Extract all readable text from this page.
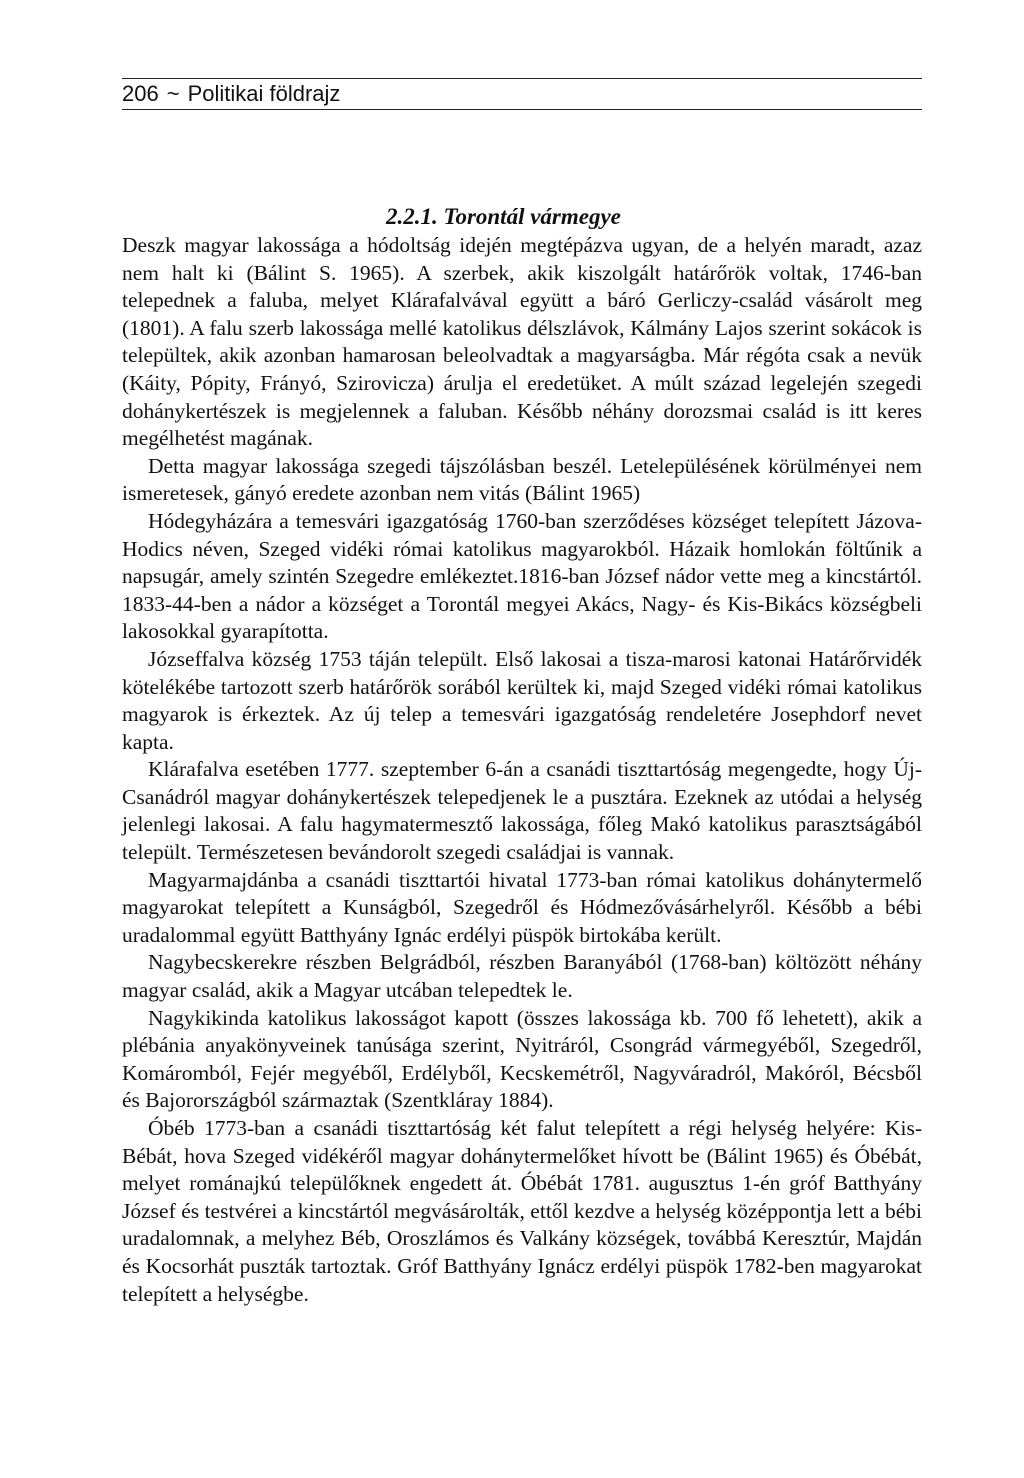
206 ~ Politikai földrajz
2.2.1. Torontál vármegye

Deszk magyar lakossága a hódoltság idején megtépázva ugyan, de a helyén maradt, azaz nem halt ki (Bálint S. 1965). A szerbek, akik kiszolgált határőrök voltak, 1746-ban telepednek a faluba, melyet Klárafalvával együtt a báró Gerliczy-család vásárolt meg (1801). A falu szerb lakossága mellé katolikus délszlávok, Kálmány Lajos szerint sokácok is települtek, akik azonban hamarosan beleolvadtak a magyarságba. Már régóta csak a nevük (Káity, Pópity, Frányó, Szirovicza) árulja el eredetüket. A múlt század legelején szegedi dohánykertészek is megjelennek a faluban. Később néhány dorozsmai család is itt keres megélhetést magának.

Detta magyar lakossága szegedi tájszólásban beszél. Letelepülésének körülményei nem ismeretesek, gányó eredete azonban nem vitás (Bálint 1965)

Hódegyházára a temesvári igazgatóság 1760-ban szerződéses községet telepített Jázova-Hodics néven, Szeged vidéki római katolikus magyarokból. Házaik homlokán föltűnik a napsugár, amely szintén Szegedre emlékeztet.1816-ban József nádor vette meg a kincstártól. 1833-44-ben a nádor a községet a Torontál megyei Akács, Nagy- és Kis-Bikács községbeli lakosokkal gyarapította.

Józseffalva község 1753 táján települt. Első lakosai a tisza-marosi katonai Határőrvidék kötelékébe tartozott szerb határőrök sorából kerültek ki, majd Szeged vidéki római katolikus magyarok is érkeztek. Az új telep a temesvári igazgatóság rendeletére Josephdorf nevet kapta.

Klárafalva esetében 1777. szeptember 6-án a csanádi tiszttartóság megengedte, hogy Új-Csanádról magyar dohánykertészek telepedjenek le a pusztára. Ezeknek az utódai a helység jelenlegi lakosai. A falu hagymatermesztő lakossága, főleg Makó katolikus parasztságából települt. Természetesen bevándorolt szegedi családjai is vannak.

Magyarmajdánba a csanádi tiszttartói hivatal 1773-ban római katolikus dohánytermelő magyarokat telepített a Kunságból, Szegedről és Hódmezővásárhelyről. Később a bébi uradalommal együtt Batthyány Ignác erdélyi püspök birtokába került.

Nagybecskerekre részben Belgrádból, részben Baranyából (1768-ban) költözött néhány magyar család, akik a Magyar utcában telepedtek le.

Nagykikinda katolikus lakosságot kapott (összes lakossága kb. 700 fő lehetett), akik a plébánia anyakönyveinek tanúsága szerint, Nyitráról, Csongrád vármegyéből, Szegedről, Komáromból, Fejér megyéből, Erdélyből, Kecskemétről, Nagyváradról, Makóról, Bécsből és Bajorországból származtak (Szentkláray 1884).

Óbéb 1773-ban a csanádi tiszttartóság két falut telepített a régi helység helyére: Kis-Bébát, hova Szeged vidékéről magyar dohánytermelőket hívott be (Bálint 1965) és Óbébát, melyet románajkú települőknek engedett át. Óbébát 1781. augusztus 1-én gróf Batthyány József és testvérei a kincstártól megvásárolták, ettől kezdve a helység középpontja lett a bébi uradalomnak, a melyhez Béb, Oroszlámos és Valkány községek, továbbá Keresztúr, Majdán és Kocsorhát puszták tartoztak. Gróf Batthyány Ignácz erdélyi püspök 1782-ben magyarokat telepített a helységbe.
